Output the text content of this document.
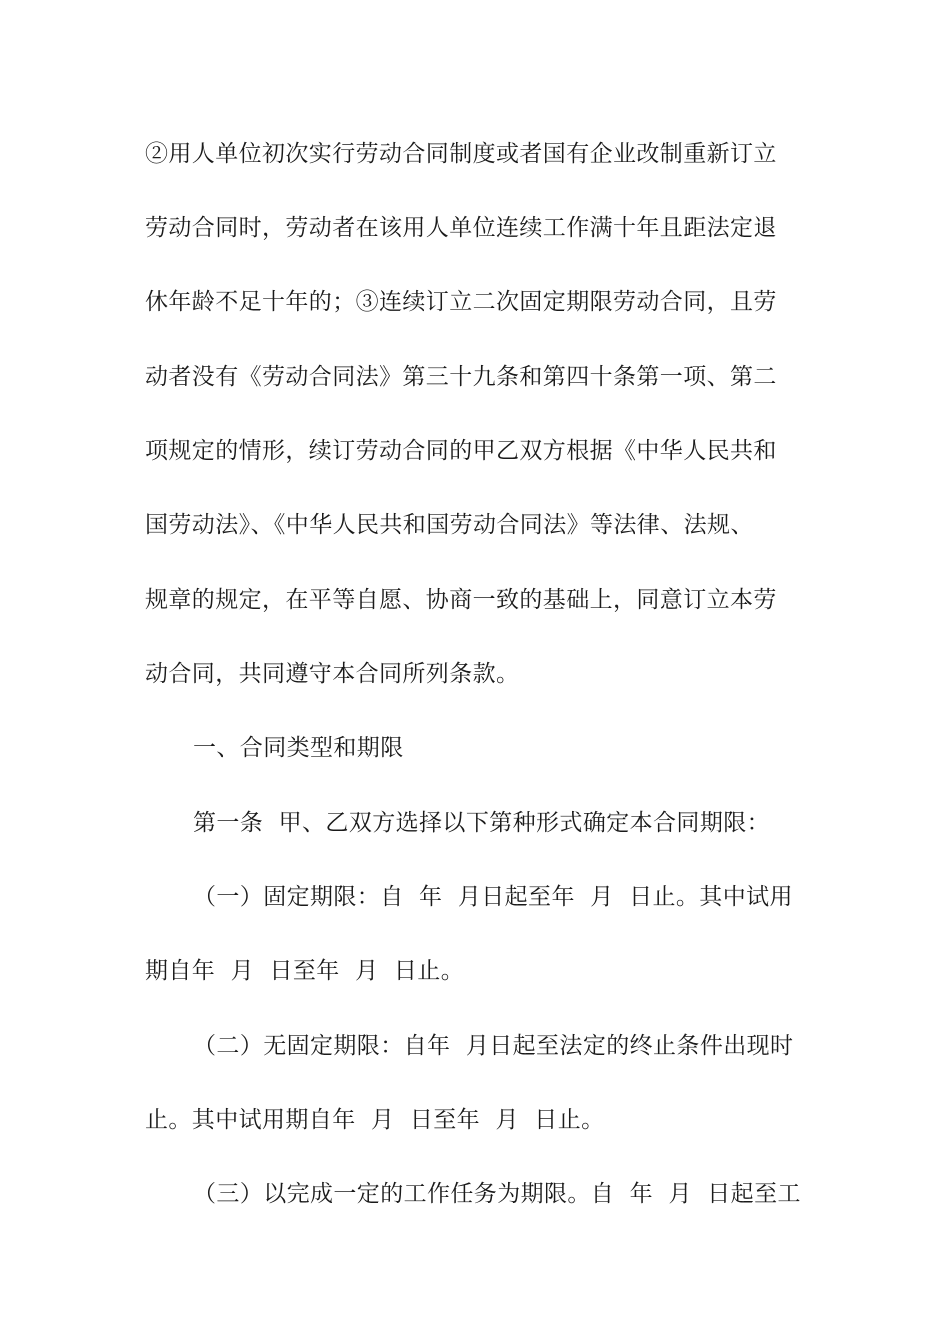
②用人单位初次实行劳动合同制度或者国有企业改制重新订立
劳动合同时，劳动者在该用人单位连续工作满十年且距法定退
休年龄不足十年的；③连续订立二次固定期限劳动合同，且劳
动者没有《劳动合同法》第三十九条和第四十条第一项、第二
项规定的情形，续订劳动合同的甲乙双方根据《中华人民共和
国劳动法》、《中华人民共和国劳动合同法》等法律、法规、
规章的规定，在平等自愿、协商一致的基础上，同意订立本劳
动合同，共同遵守本合同所列条款。
一、合同类型和期限
第一条  甲、乙双方选择以下第种形式确定本合同期限：
（一）固定期限：自  年  月日起至年  月  日止。其中试用
期自年  月  日至年  月  日止。
（二）无固定期限：自年  月日起至法定的终止条件出现时
止。其中试用期自年  月  日至年  月  日止。
（三）以完成一定的工作任务为期限。自  年  月  日起至工
